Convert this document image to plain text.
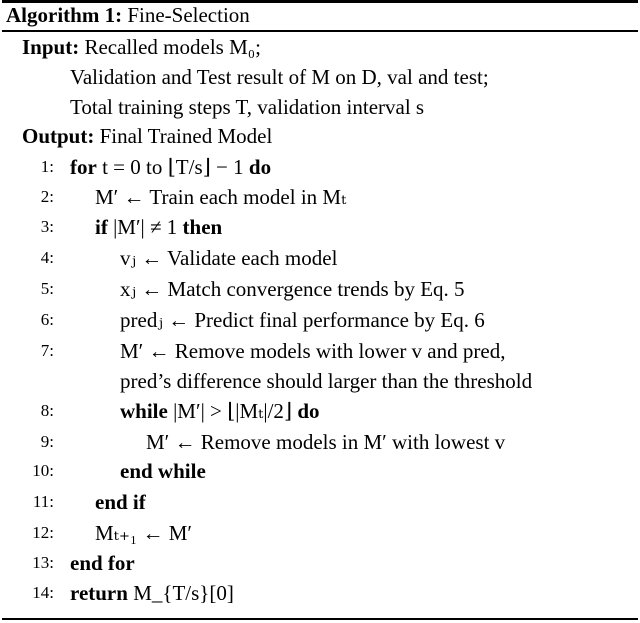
Algorithm 1: Fine-Selection
Input: Recalled models M₀;
Validation and Test result of M on D, val and test;
Total training steps T, validation interval s
Output: Final Trained Model
1: for t = 0 to ⌊T/s⌋ − 1 do
2: M′ ← Train each model in Mₜ
3: if |M′| ≠ 1 then
4:	vⱼ ← Validate each model
5:	xⱼ ← Match convergence trends by Eq. 5
6:	predⱼ ← Predict final performance by Eq. 6
7:	M′ ← Remove models with lower v and pred,
pred’s difference should larger than the threshold
8:	while |M′| > ⌊|Mₜ|/2⌋ do
9:	M′ ← Remove models in M′ with lowest v
10:	end while
11: end if
12: Mₜ₊₁ ← M′
13: end for
14: return M_{T/s}[0]
